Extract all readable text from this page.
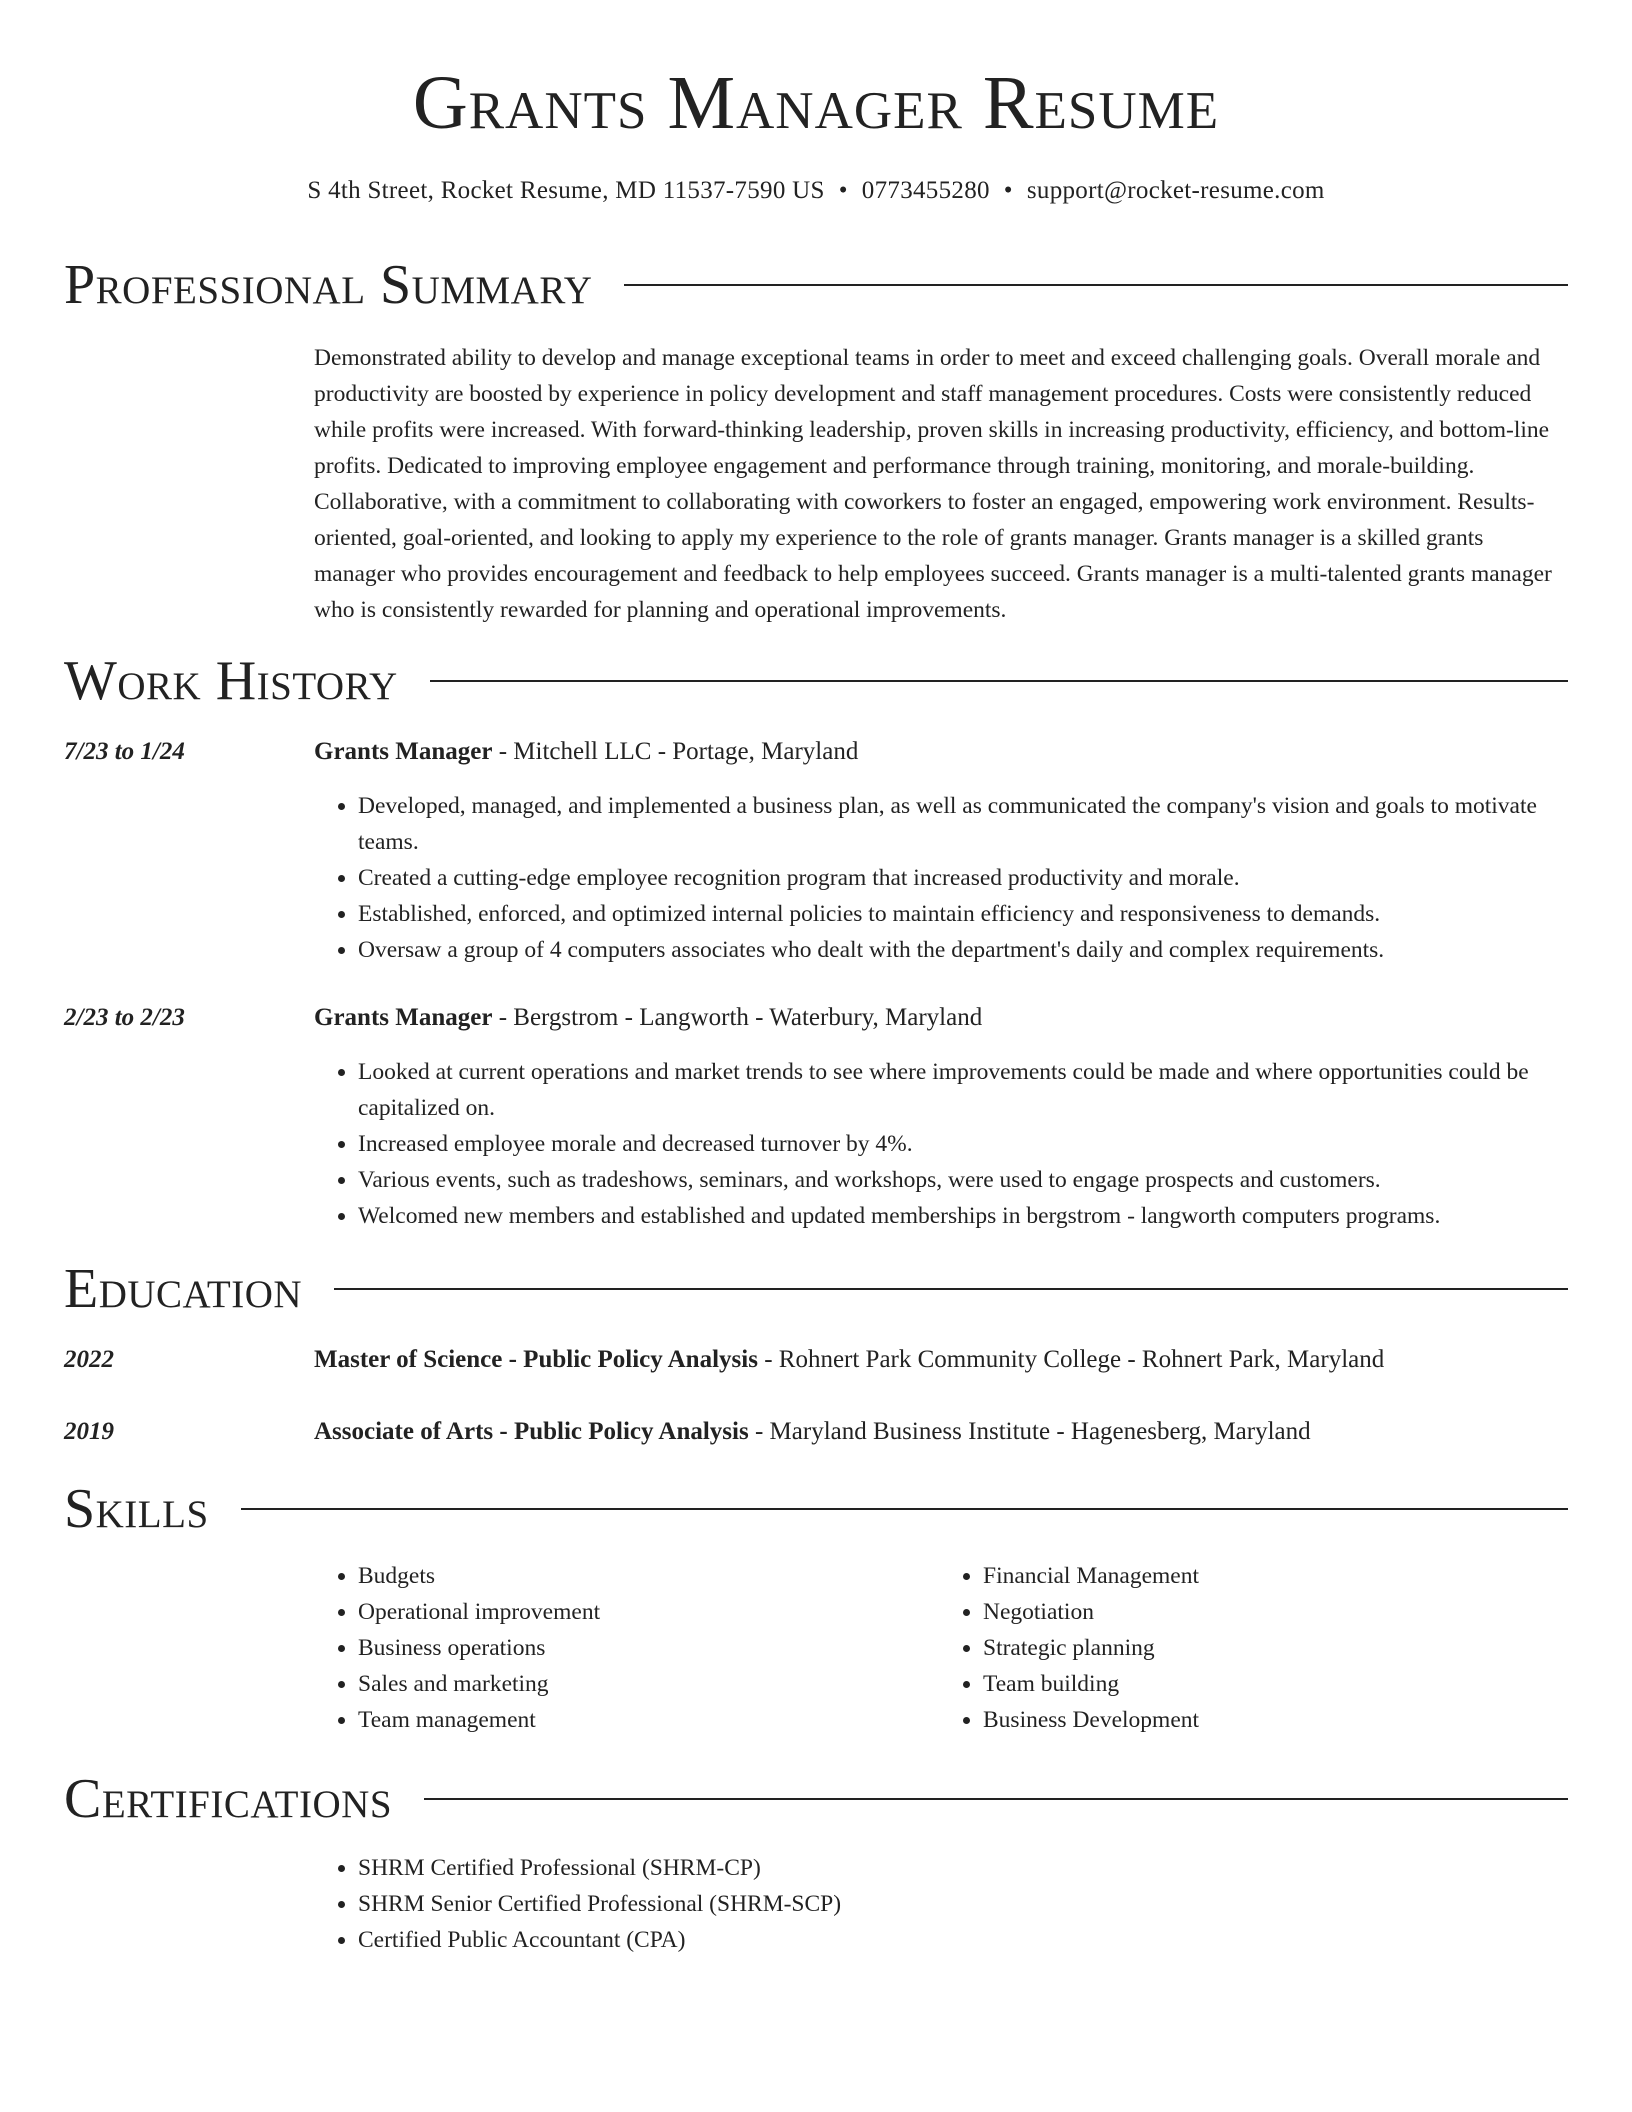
Grants Manager Resume
S 4th Street, Rocket Resume, MD 11537-7590 US • 0773455280 • support@rocket-resume.com
Professional Summary
Demonstrated ability to develop and manage exceptional teams in order to meet and exceed challenging goals. Overall morale and productivity are boosted by experience in policy development and staff management procedures. Costs were consistently reduced while profits were increased. With forward-thinking leadership, proven skills in increasing productivity, efficiency, and bottom-line profits. Dedicated to improving employee engagement and performance through training, monitoring, and morale-building. Collaborative, with a commitment to collaborating with coworkers to foster an engaged, empowering work environment. Results-oriented, goal-oriented, and looking to apply my experience to the role of grants manager. Grants manager is a skilled grants manager who provides encouragement and feedback to help employees succeed. Grants manager is a multi-talented grants manager who is consistently rewarded for planning and operational improvements.
Work History
7/23 to 1/24	Grants Manager - Mitchell LLC - Portage, Maryland
• Developed, managed, and implemented a business plan, as well as communicated the company's vision and goals to motivate teams.
• Created a cutting-edge employee recognition program that increased productivity and morale.
• Established, enforced, and optimized internal policies to maintain efficiency and responsiveness to demands.
• Oversaw a group of 4 computers associates who dealt with the department's daily and complex requirements.
2/23 to 2/23	Grants Manager - Bergstrom - Langworth - Waterbury, Maryland
• Looked at current operations and market trends to see where improvements could be made and where opportunities could be capitalized on.
• Increased employee morale and decreased turnover by 4%.
• Various events, such as tradeshows, seminars, and workshops, were used to engage prospects and customers.
• Welcomed new members and established and updated memberships in bergstrom - langworth computers programs.
Education
2022	Master of Science - Public Policy Analysis - Rohnert Park Community College - Rohnert Park, Maryland
2019	Associate of Arts - Public Policy Analysis - Maryland Business Institute - Hagenesberg, Maryland
Skills
• Budgets
• Operational improvement
• Business operations
• Sales and marketing
• Team management
• Financial Management
• Negotiation
• Strategic planning
• Team building
• Business Development
Certifications
• SHRM Certified Professional (SHRM-CP)
• SHRM Senior Certified Professional (SHRM-SCP)
• Certified Public Accountant (CPA)
